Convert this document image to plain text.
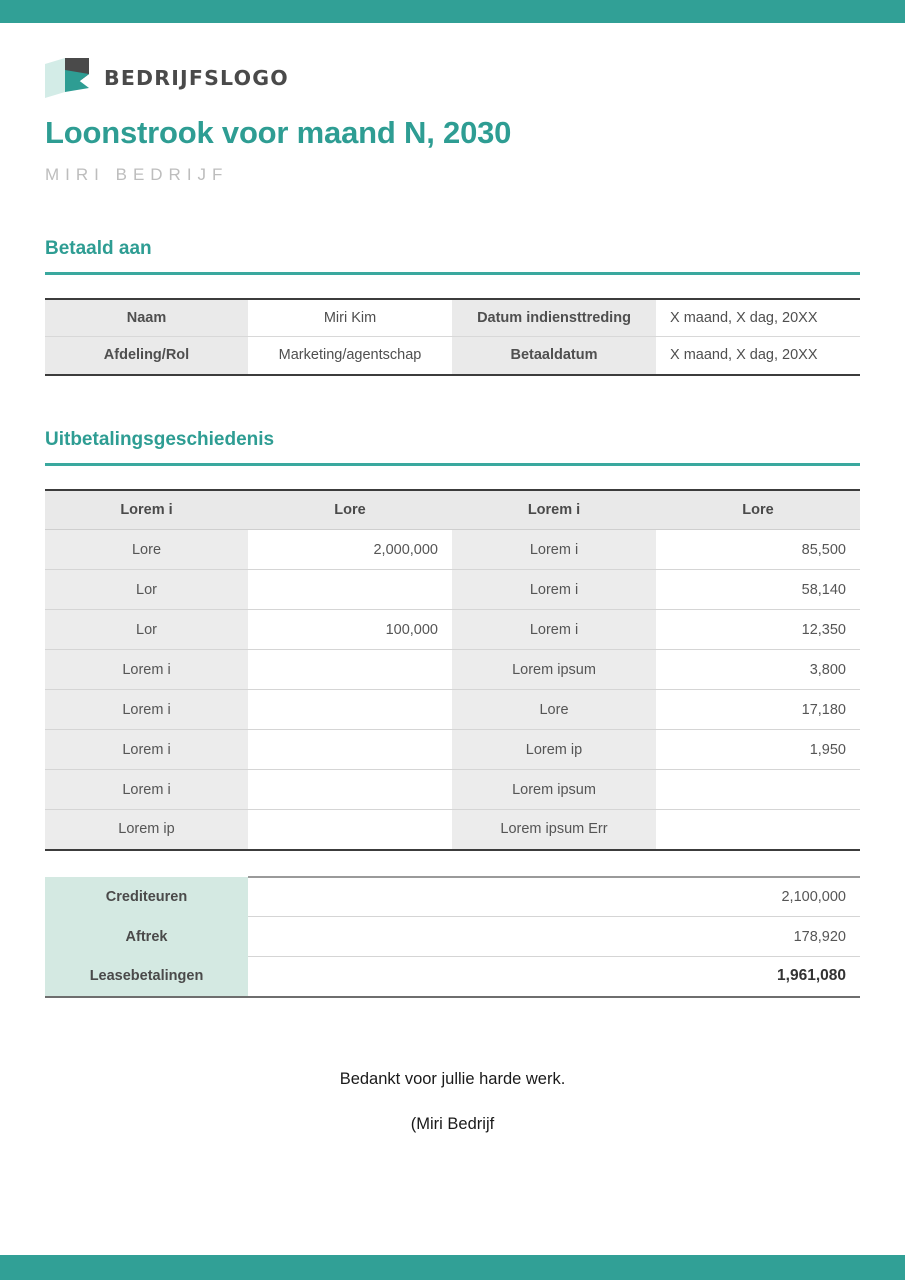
BEDRIJFSLOGO
Loonstrook voor maand N, 2030
MIRI BEDRIJF
Betaald aan
Naam	Miri Kim	Datum indiensttreding	X maand, X dag, 20XX
Afdeling/Rol	Marketing/agentschap	Betaaldatum	X maand, X dag, 20XX
Uitbetalingsgeschiedenis
Lorem i	Lore	Lorem i	Lore
Lore	2,000,000	Lorem i	85,500
Lor		Lorem i	58,140
Lor	100,000	Lorem i	12,350
Lorem i		Lorem ipsum	3,800
Lorem i		Lore	17,180
Lorem i		Lorem ip	1,950
Lorem i		Lorem ipsum	
Lorem ip		Lorem ipsum Err	
Crediteuren	2,100,000
Aftrek	178,920
Leasebetalingen	1,961,080
Bedankt voor jullie harde werk.
(Miri Bedrijf
